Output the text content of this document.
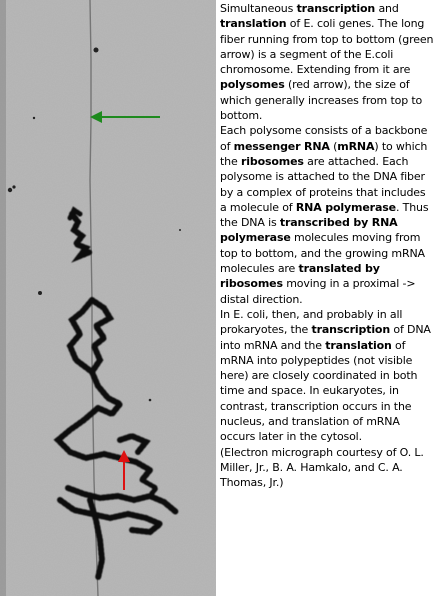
Simultaneous transcription and translation of E. coli genes. The long fiber running from top to bottom (green arrow) is a segment of the E.coli chromosome. Extending from it are polysomes (red arrow), the size of which generally increases from top to bottom.

Each polysome consists of a backbone of messenger RNA (mRNA) to which the ribosomes are attached. Each polysome is attached to the DNA fiber by a complex of proteins that includes a molecule of RNA polymerase. Thus the DNA is transcribed by RNA polymerase molecules moving from top to bottom, and the growing mRNA molecules are translated by ribosomes moving in a proximal -> distal direction.

In E. coli, then, and probably in all prokaryotes, the transcription of DNA into mRNA and the translation of mRNA into polypeptides (not visible here) are closely coordinated in both time and space. In eukaryotes, in contrast, transcription occurs in the nucleus, and translation of mRNA occurs later in the cytosol.

(Electron micrograph courtesy of O. L. Miller, Jr., B. A. Hamkalo, and C. A. Thomas, Jr.)
